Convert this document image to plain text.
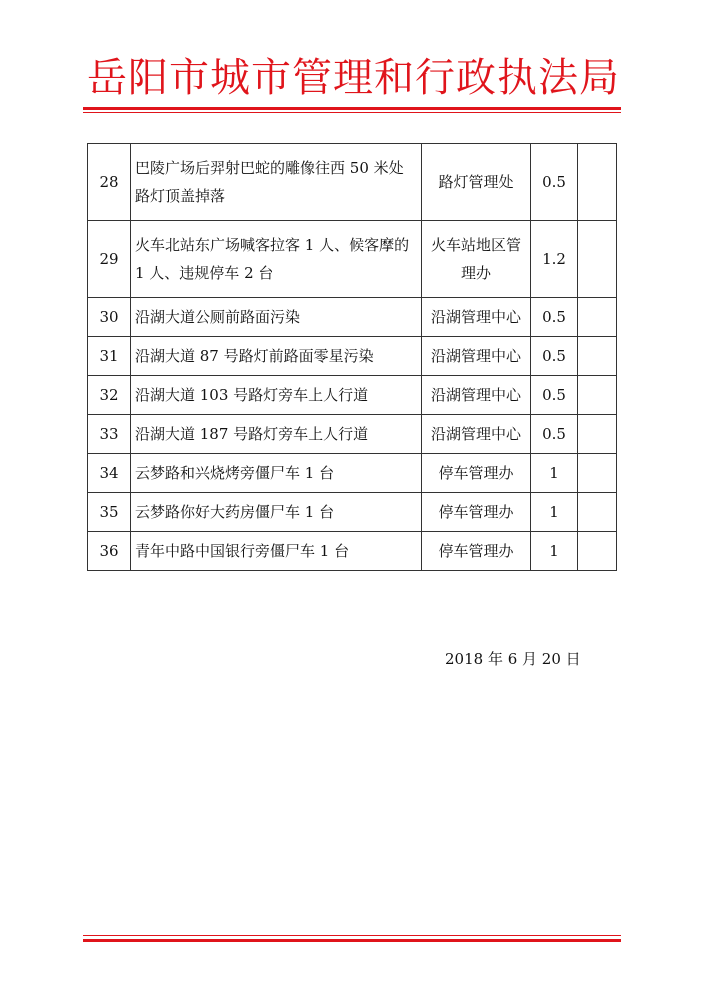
岳阳市城市管理和行政执法局
28	巴陵广场后羿射巴蛇的雕像往西 50 米处路灯顶盖掉落	路灯管理处	0.5	
29	火车北站东广场喊客拉客 1 人、候客摩的 1 人、违规停车 2 台	火车站地区管理办	1.2	
30	沿湖大道公厕前路面污染	沿湖管理中心	0.5	
31	沿湖大道 87 号路灯前路面零星污染	沿湖管理中心	0.5	
32	沿湖大道 103 号路灯旁车上人行道	沿湖管理中心	0.5	
33	沿湖大道 187 号路灯旁车上人行道	沿湖管理中心	0.5	
34	云梦路和兴烧烤旁僵尸车 1 台	停车管理办	1	
35	云梦路你好大药房僵尸车 1 台	停车管理办	1	
36	青年中路中国银行旁僵尸车 1 台	停车管理办	1	
2018 年 6 月 20 日
